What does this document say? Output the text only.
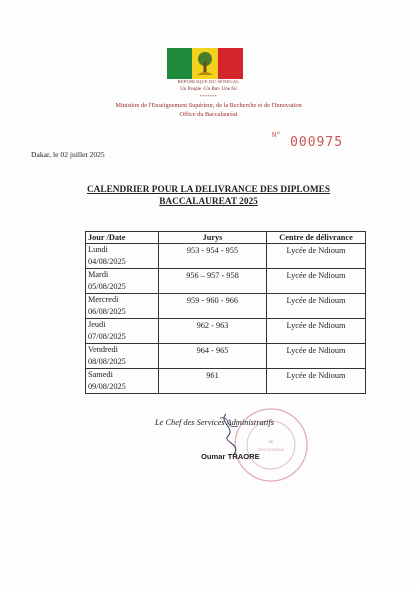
REPUBLIQUE DU SENEGAL
Un Peuple -Un But- Une foi
*******
Ministère de l'Enseignement Supérieur, de la Recherche et de l'Innovation
Office du Baccalauréat
$^{N^\circ}$ 000975
Dakar, le 02 juillet 2025
CALENDRIER POUR LA DELIVRANCE DES DIPLOMES
BACCALAUREAT 2025
Jour /Date	Jurys	Centre de délivrance
Lundi
04/08/2025	953 - 954 - 955	Lycée de Ndioum
Mardi
05/08/2025	956 – 957 - 958	Lycée de Ndioum
Mercredi
06/08/2025	959 - 960 - 966	Lycée de Ndioum
Jeudi
07/08/2025	962 - 963	Lycée de Ndioum
Vendredi
08/08/2025	964 - 965	Lycée de Ndioum
Samedi
09/08/2025	961	Lycée de Ndioum
du
Baccalauréat
Le Chef des Services Administratifs
Oumar TRAORE
